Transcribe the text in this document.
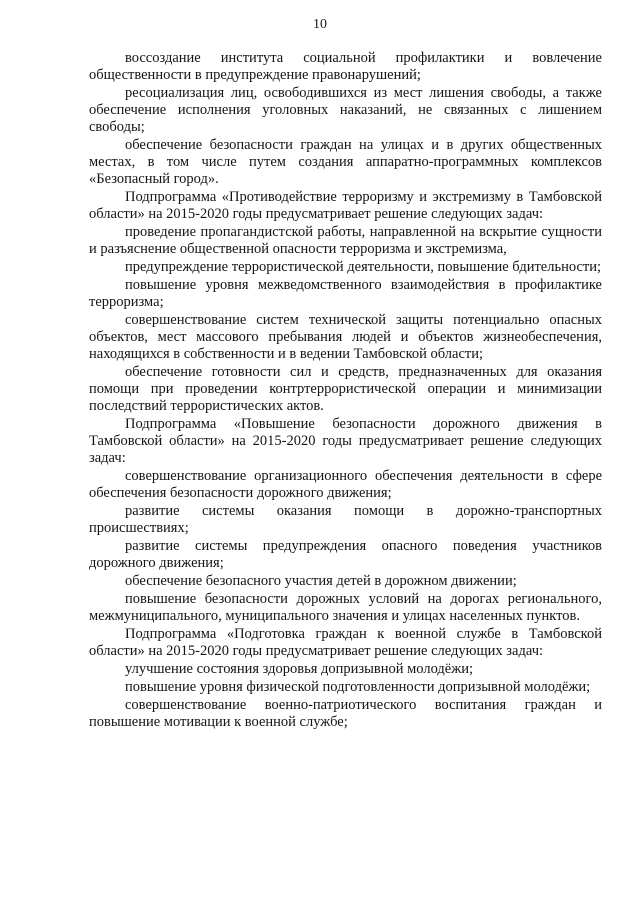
10

воссоздание института социальной профилактики и вовлечение общественности в предупреждение правонарушений;

ресоциализация лиц, освободившихся из мест лишения свободы, а также обеспечение исполнения уголовных наказаний, не связанных с лишением свободы;

обеспечение безопасности граждан на улицах и в других общественных местах, в том числе путем создания аппаратно-программных комплексов «Безопасный город».

Подпрограмма «Противодействие терроризму и экстремизму в Тамбовской области» на 2015-2020 годы предусматривает решение следующих задач:

проведение пропагандистской работы, направленной на вскрытие сущности и разъяснение общественной опасности терроризма и экстремизма,

предупреждение террористической деятельности, повышение бдительности;

повышение уровня межведомственного взаимодействия в профилактике терроризма;

совершенствование систем технической защиты потенциально опасных объектов, мест массового пребывания людей и объектов жизнеобеспечения, находящихся в собственности и в ведении Тамбовской области;

обеспечение готовности сил и средств, предназначенных для оказания помощи при проведении контртеррористической операции и минимизации последствий террористических актов.

Подпрограмма «Повышение безопасности дорожного движения в Тамбовской области» на 2015-2020 годы предусматривает решение следующих задач:

совершенствование организационного обеспечения деятельности в сфере обеспечения безопасности дорожного движения;

развитие системы оказания помощи в дорожно-транспортных происшествиях;

развитие системы предупреждения опасного поведения участников дорожного движения;

обеспечение безопасного участия детей в дорожном движении;

повышение безопасности дорожных условий на дорогах регионального, межмуниципального, муниципального значения и улицах населенных пунктов.

Подпрограмма «Подготовка граждан к военной службе в Тамбовской области» на 2015-2020 годы предусматривает решение следующих задач:

улучшение состояния здоровья допризывной молодёжи;

повышение уровня физической подготовленности допризывной молодёжи;

совершенствование военно-патриотического воспитания граждан и повышение мотивации к военной службе;
